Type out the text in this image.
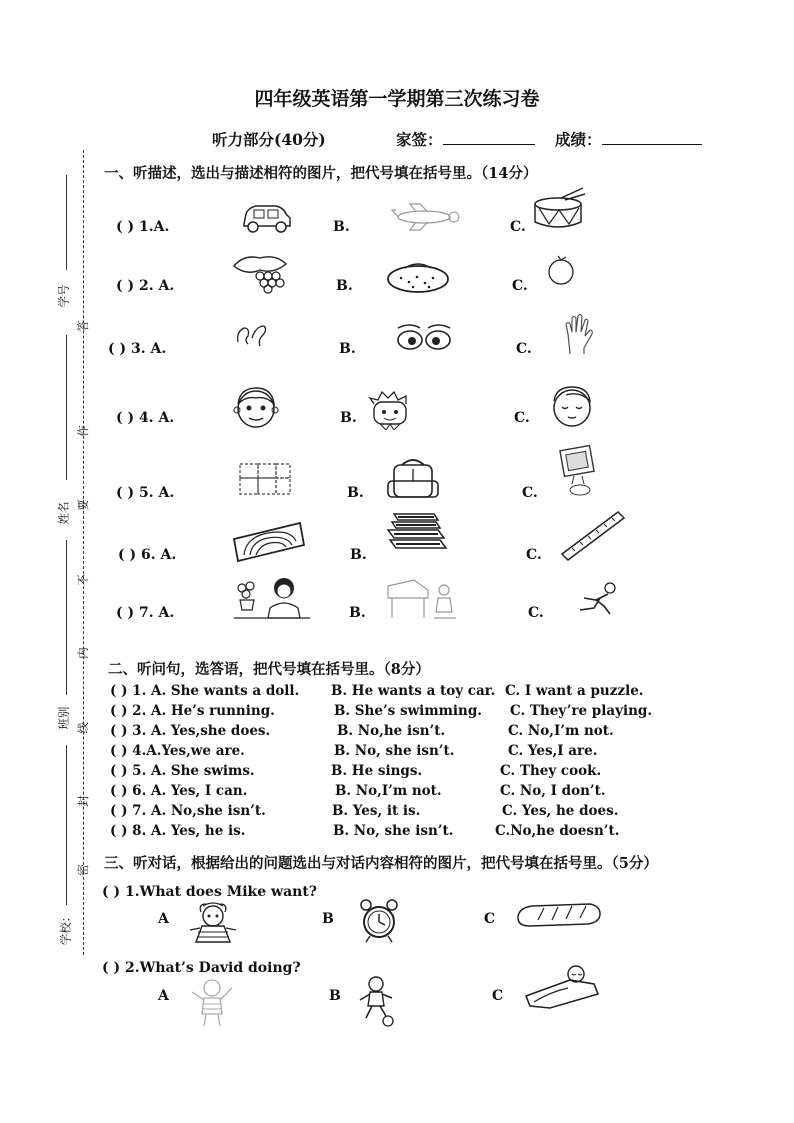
四年级英语第一学期第三次练习卷
听力部分(40分)	家签：	成绩：
学号
姓名
班别
学校：
答
作
要
不
内
线
封
密
一、听描述，选出与描述相符的图片，把代号填在括号里。（14分）
( ) 1.A.	B.	C.
( ) 2. A.	B.	C.
( ) 3. A.	B.	C.
( ) 4. A.	B.	C.
( ) 5. A.	B.	C.
( ) 6. A.	B.	C.
( ) 7. A.	B.	C.
二、听问句，选答语，把代号填在括号里。（8分）
( ) 1. A. She wants a doll. B. He wants a toy car. C. I want a puzzle.
( ) 2. A. He’s running.	B. She’s swimming. C. They’re playing.
( ) 3. A. Yes,she does.	B. No,he isn’t.	C. No,I’m not.
( ) 4.A.Yes,we are.	B. No, she isn’t.	C. Yes,I are.
( ) 5. A. She swims.	B. He sings.	C. They cook.
( ) 6. A. Yes, I can.	B. No,I’m not.	C. No, I don’t.
( ) 7. A. No,she isn’t.	B. Yes, it is.	C. Yes, he does.
( ) 8. A. Yes, he is.	B. No, she isn’t.	C.No,he doesn’t.
三、听对话，根据给出的问题选出与对话内容相符的图片，把代号填在括号里。（5分）
( ) 1.What does Mike want?
A	B	C
( ) 2.What’s David doing?
A	B	C
